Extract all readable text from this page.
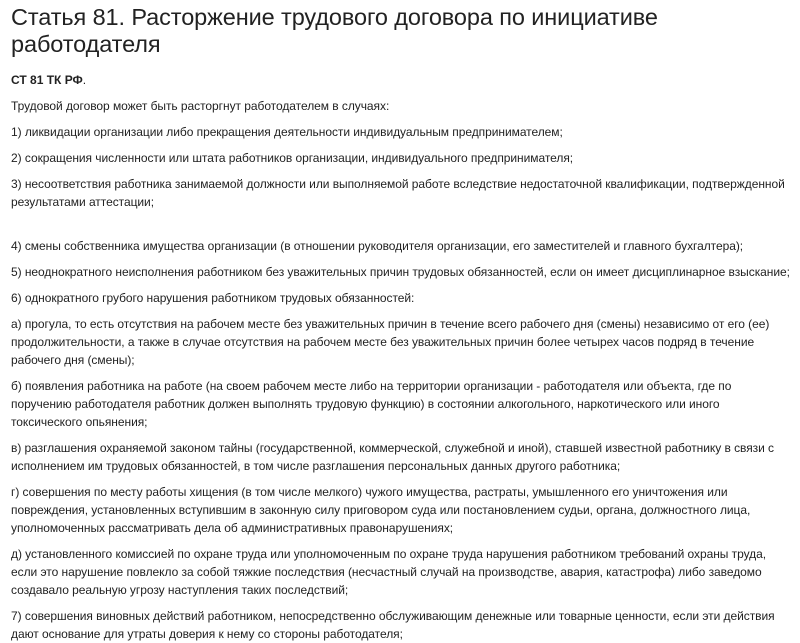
Статья 81. Расторжение трудового договора по инициативе работодателя
СТ 81 ТК РФ.
Трудовой договор может быть расторгнут работодателем в случаях:
1) ликвидации организации либо прекращения деятельности индивидуальным предпринимателем;
2) сокращения численности или штата работников организации, индивидуального предпринимателя;
3) несоответствия работника занимаемой должности или выполняемой работе вследствие недостаточной квалификации, подтвержденной результатами аттестации;
4) смены собственника имущества организации (в отношении руководителя организации, его заместителей и главного бухгалтера);
5) неоднократного неисполнения работником без уважительных причин трудовых обязанностей, если он имеет дисциплинарное взыскание;
6) однократного грубого нарушения работником трудовых обязанностей:
а) прогула, то есть отсутствия на рабочем месте без уважительных причин в течение всего рабочего дня (смены) независимо от его (ее) продолжительности, а также в случае отсутствия на рабочем месте без уважительных причин более четырех часов подряд в течение рабочего дня (смены);
б) появления работника на работе (на своем рабочем месте либо на территории организации - работодателя или объекта, где по поручению работодателя работник должен выполнять трудовую функцию) в состоянии алкогольного, наркотического или иного токсического опьянения;
в) разглашения охраняемой законом тайны (государственной, коммерческой, служебной и иной), ставшей известной работнику в связи с исполнением им трудовых обязанностей, в том числе разглашения персональных данных другого работника;
г) совершения по месту работы хищения (в том числе мелкого) чужого имущества, растраты, умышленного его уничтожения или повреждения, установленных вступившим в законную силу приговором суда или постановлением судьи, органа, должностного лица, уполномоченных рассматривать дела об административных правонарушениях;
д) установленного комиссией по охране труда или уполномоченным по охране труда нарушения работником требований охраны труда, если это нарушение повлекло за собой тяжкие последствия (несчастный случай на производстве, авария, катастрофа) либо заведомо создавало реальную угрозу наступления таких последствий;
7) совершения виновных действий работником, непосредственно обслуживающим денежные или товарные ценности, если эти действия дают основание для утраты доверия к нему со стороны работодателя;
